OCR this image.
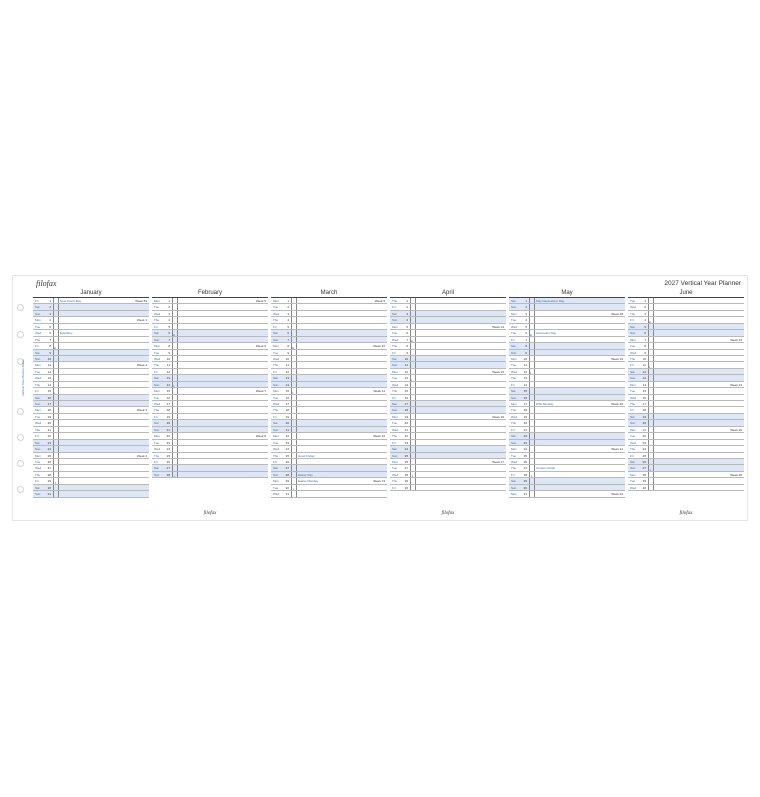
filofax	2027 Vertical Year Planner
Vertical Year Planner filofax
January
Fri	1	New Year's Day	Week 53
Sat	2
Sun	3
Mon	4	Week 1
Tue	5
Wed	6	Epiphany
Thu	7 ○
Fri	8 ●
Sat	9
Sun	10
Mon	11	Week 2
Tue	12
Wed	13
Thu	14
Fri	15 ◐
Sat	16
Sun	17
Mon	18	Week 3
Tue	19
Wed	20
Thu	21
Fri	22
Sat	23
Sun	24
Mon	25	Week 4
Tue	26
Wed	27
Thu	28
Fri	29 ◑
Sat	30
Sun	31
February
Mon	1	Week 5
Tue	2
Wed	3
Thu	4
Fri	5
Sat	6 ●
Sun	7
Mon	8	Week 6
Tue	9
Wed	10
Thu	11
Fri	12
Sat	13
Sun	14 ◐
Mon	15	Week 7
Tue	16
Wed	17
Thu	18
Fri	19
Sat	20
Sun	21
Mon	22	Week 8
Tue	23
Wed	24
Thu	25
Fri	26
Sat	27
Sun	28 ◑
filofax
March
Mon	1	Week 9
Tue	2
Wed	3
Thu	4
Fri	5
Sat	6
Sun	7
Mon	8 ●	Week 10
Tue	9
Wed	10
Thu	11
Fri	12
Sat	13
Sun	14
Mon	15 ◐	Week 11
Tue	16
Wed	17
Thu	18
Fri	19
Sat	20
Sun	21
Mon	22	Week 12
Tue	23
Wed	24
Thu	25	Good Friday
Fri	26
Sat	27
Sun	28	Easter Day
Mon	29	Easter Monday	Week 13
Tue	30 ◑
Wed	31
April
Thu	1
Fri	2
Sat	3
Sun	4
Mon	5	Week 14
Tue	6
Wed	7 ●
Thu	8
Fri	9
Sat	10
Sun	11
Mon	12	Week 15
Tue	13 ◐
Wed	14
Thu	15
Fri	16
Sat	17
Sun	18
Mon	19	Week 16
Tue	20
Wed	21
Thu	22
Fri	23
Sat	24
Sun	25
Mon	26	Week 17
Tue	27
Wed	28 ◑
Thu	29
Fri	30
filofax
May
Sat	1	May Day/Labour Day
Sun	2
Mon	3	Week 18
Tue	4
Wed	5
Thu	6 ● Ascension Day
Fri	7
Sat	8
Sun	9
Mon	10	Week 19
Tue	11
Wed	12 ◐
Thu	13
Fri	14
Sat	15
Sun	16
Mon	17	Whit Monday	Week 20
Tue	18
Wed	19
Thu	20
Fri	21
Sat	22
Sun	23
Mon	24	Week 21
Tue	25
Wed	26
Thu	27	Corpus Christi
Fri	28 ◑
Sat	29
Sun	30
Mon	31	Week 22
June
Tue	1
Wed	2
Thu	3
Fri	4 ●
Sat	5
Sun	6
Mon	7	Week 23
Tue	8
Wed	9
Thu	10
Fri	11 ◐
Sat	12
Sun	13
Mon	14	Week 24
Tue	15
Wed	16
Thu	17
Fri	18
Sat	19
Sun	20
Mon	21	Week 25
Tue	22
Wed	23
Thu	24
Fri	25
Sat	26
Sun	27 ◑
Mon	28	Week 26
Tue	29
Wed	30
filofax
